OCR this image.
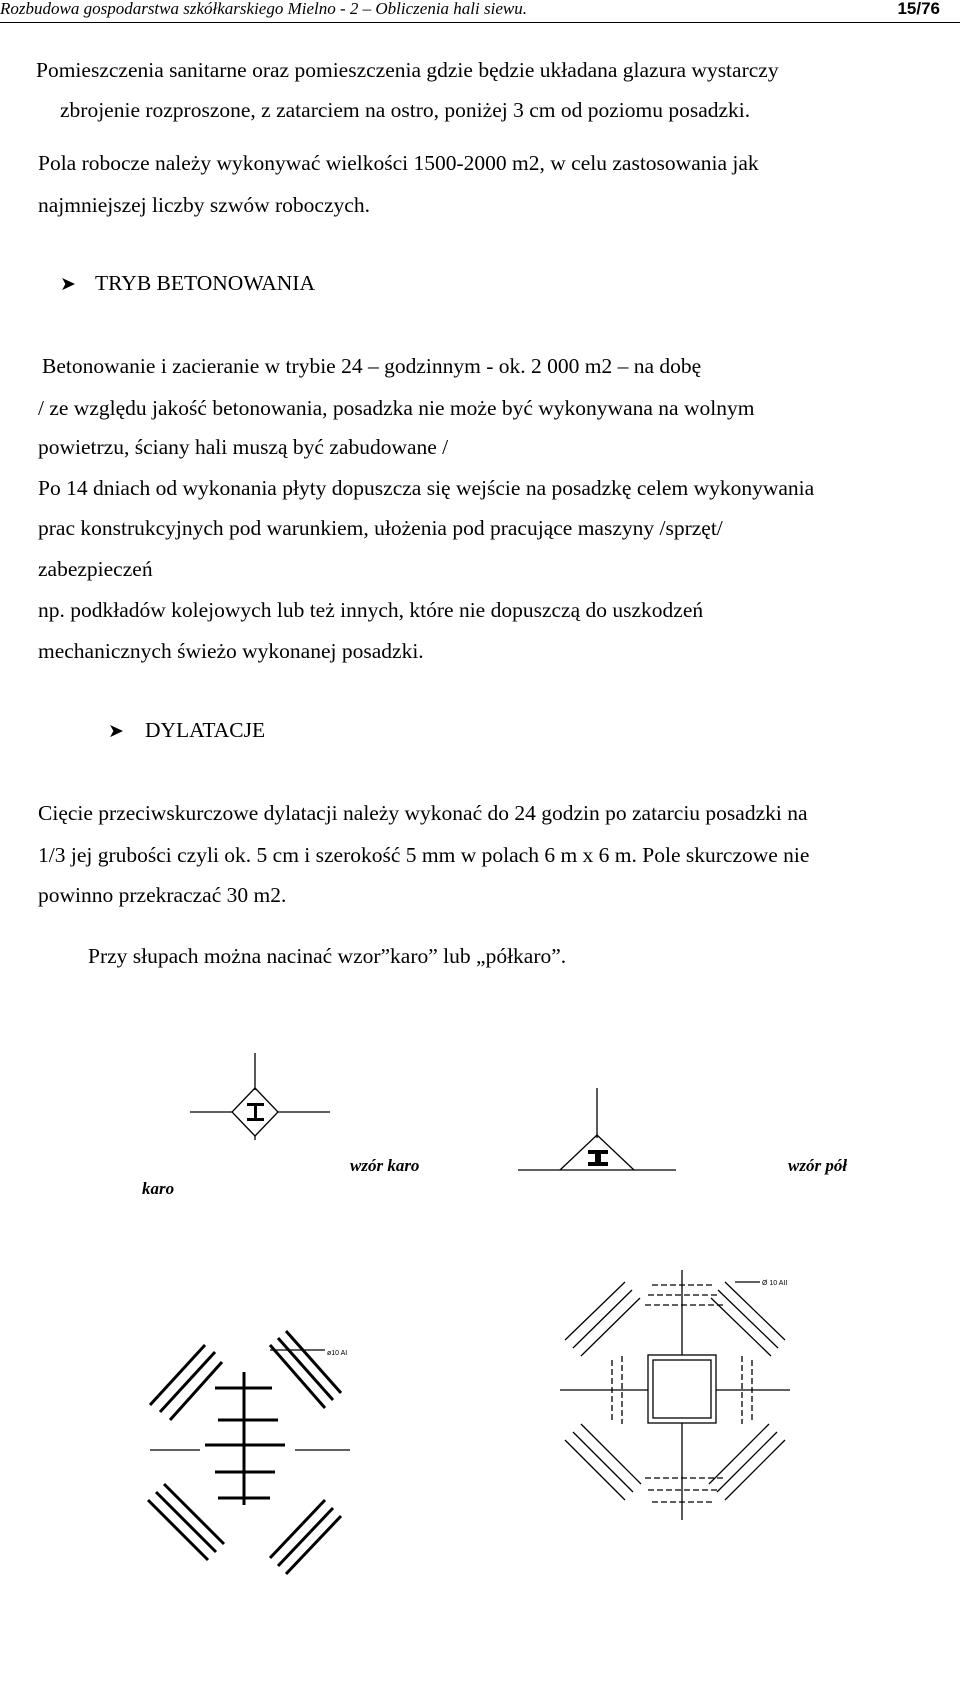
Rozbudowa gospodarstwa szkółkarskiego Mielno - 2 – Obliczenia hali siewu.	15/76
Pomieszczenia sanitarne oraz pomieszczenia gdzie będzie układana glazura wystarczy
zbrojenie rozproszone, z zatarciem na ostro, poniżej 3 cm od poziomu posadzki.
Pola robocze należy wykonywać wielkości 1500-2000 m2, w celu zastosowania jak
najmniejszej liczby szwów roboczych.
➤ TRYB BETONOWANIA
Betonowanie i zacieranie w trybie 24 – godzinnym - ok. 2 000 m2 – na dobę
/ ze względu jakość betonowania, posadzka nie może być wykonywana na wolnym
powietrzu, ściany hali muszą być zabudowane /
Po 14 dniach od wykonania płyty dopuszcza się wejście na posadzkę celem wykonywania
prac konstrukcyjnych pod warunkiem, ułożenia pod pracujące maszyny /sprzęt/
zabezpieczeń
np. podkładów kolejowych lub też innych, które nie dopuszczą do uszkodzeń
mechanicznych świeżo wykonanej posadzki.
➤ DYLATACJE
Cięcie przeciwskurczowe dylatacji należy wykonać do 24 godzin po zatarciu posadzki na
1/3 jej grubości czyli ok. 5 cm i szerokość 5 mm w polach 6 m x 6 m. Pole skurczowe nie
powinno przekraczać 30 m2.
Przy słupach można nacinać wzor”karo” lub „półkaro”.
wzór karo	wzór pół
karo
ø10 AI
Ø 10 AII
